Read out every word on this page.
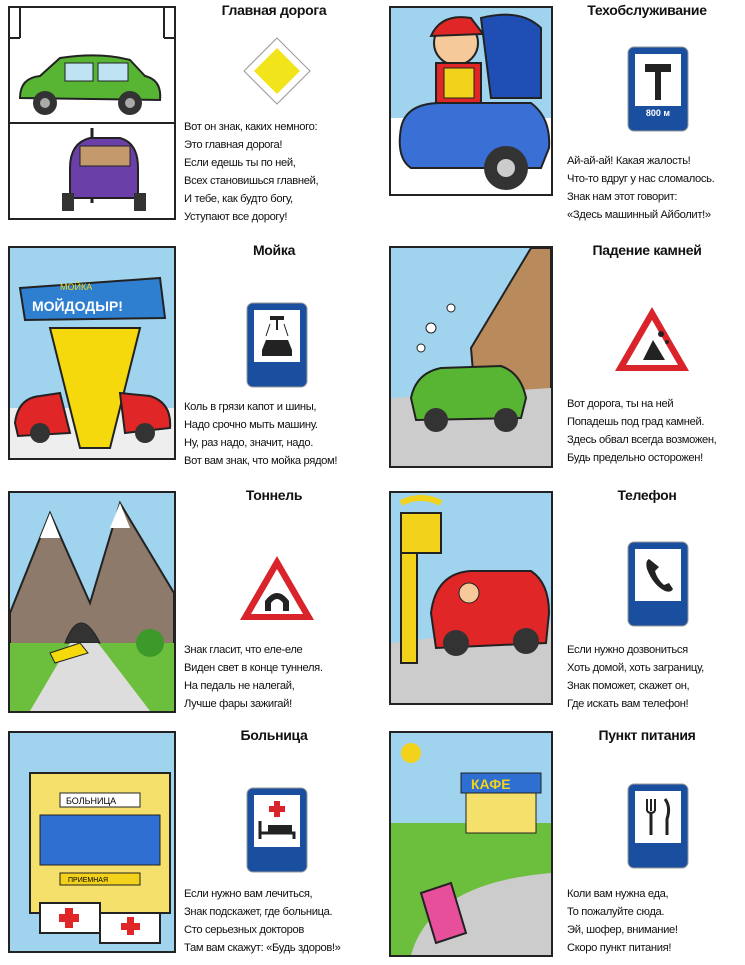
Главная дорога
Вот он знак, каких немного:
Это главная дорога!
Если едешь ты по ней,
Всех становишься главней,
И тебе, как будто богу,
Уступают все дорогу!
Техобслуживание
800 м
Ай-ай-ай! Какая жалость!
Что-то вдруг у нас сломалось.
Знак нам этот говорит:
«Здесь машинный Айболит!»
МОЙКА
МОЙДОДЫР!
Мойка
Коль в грязи капот и шины,
Надо срочно мыть машину.
Ну, раз надо, значит, надо.
Вот вам знак, что мойка рядом!
Падение камней
Вот дорога, ты на ней
Попадешь под град камней.
Здесь обвал всегда возможен,
Будь предельно осторожен!
Тоннель
Знак гласит, что еле-еле
Виден свет в конце туннеля.
На педаль не налегай,
Лучше фары зажигай!
Телефон
Если нужно дозвониться
Хоть домой, хоть заграницу,
Знак поможет, скажет он,
Где искать вам телефон!
БОЛЬНИЦА
ПРИЕМНАЯ
Больница
Если нужно вам лечиться,
Знак подскажет, где больница.
Сто серьезных докторов
Там вам скажут: «Будь здоров!»
КАФЕ
Пункт питания
Коли вам нужна еда,
То пожалуйте сюда.
Эй, шофер, внимание!
Скоро пункт питания!
